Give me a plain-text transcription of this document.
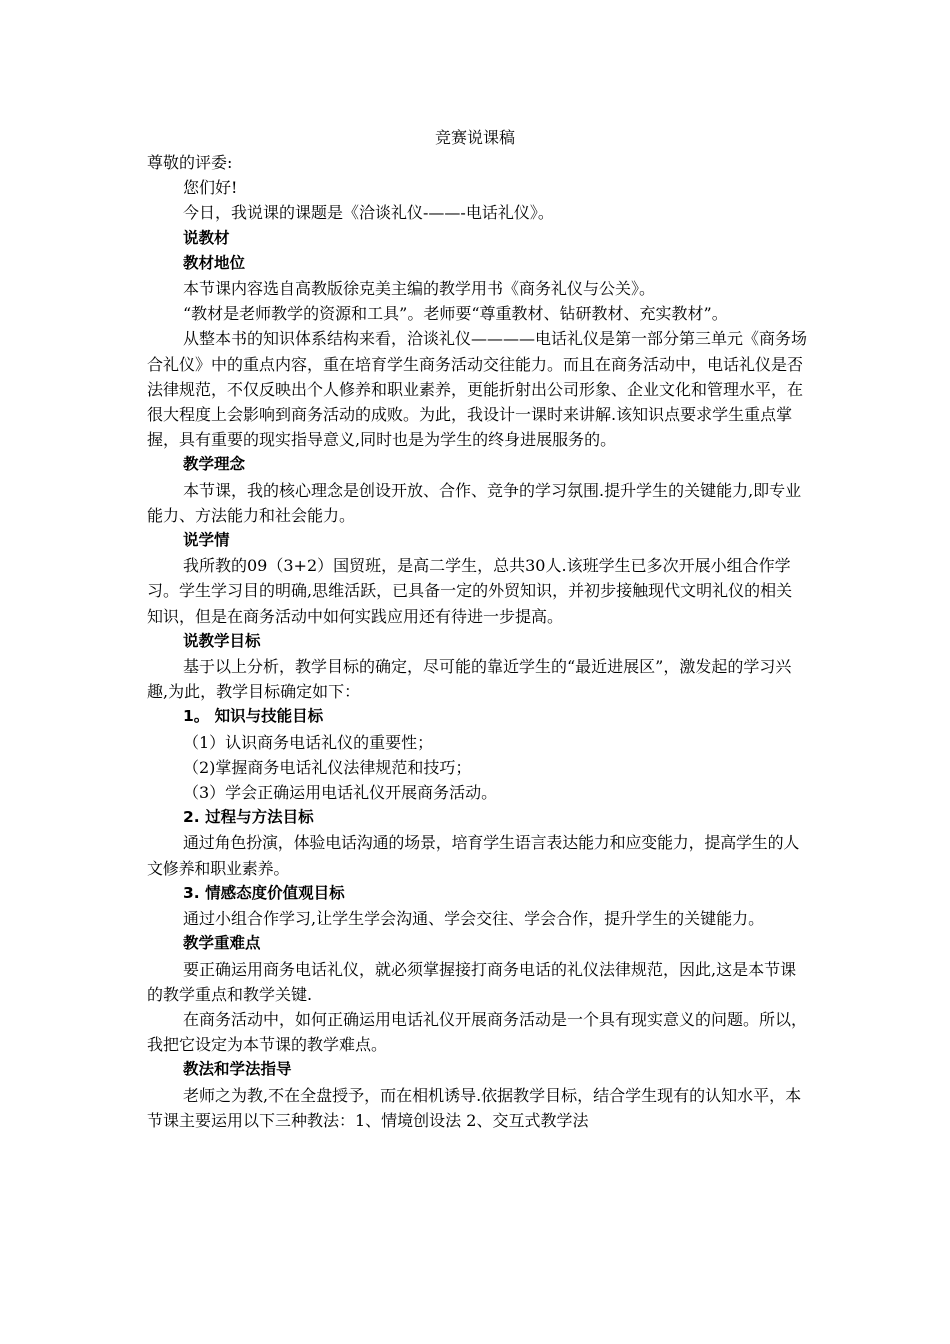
竞赛说课稿

尊敬的评委:

您们好!

今日，我说课的课题是《洽谈礼仪-——-电话礼仪》。

说教材

教材地位

本节课内容选自高教版徐克美主编的教学用书《商务礼仪与公关》。

“教材是老师教学的资源和工具”。老师要“尊重教材、钻研教材、充实教材”。

从整本书的知识体系结构来看，洽谈礼仪————电话礼仪是第一部分第三单元《商务场合礼仪》中的重点内容，重在培育学生商务活动交往能力。而且在商务活动中，电话礼仪是否法律规范，不仅反映出个人修养和职业素养，更能折射出公司形象、企业文化和管理水平，在很大程度上会影响到商务活动的成败。为此，我设计一课时来讲解.该知识点要求学生重点掌握，具有重要的现实指导意义,同时也是为学生的终身进展服务的。

教学理念

本节课，我的核心理念是创设开放、合作、竞争的学习氛围.提升学生的关键能力,即专业能力、方法能力和社会能力。

说学情

我所教的09（3+2）国贸班，是高二学生，总共30人.该班学生已多次开展小组合作学习。学生学习目的明确,思维活跃，已具备一定的外贸知识，并初步接触现代文明礼仪的相关知识，但是在商务活动中如何实践应用还有待进一步提高。

说教学目标

基于以上分析，教学目标的确定，尽可能的靠近学生的“最近进展区”，激发起的学习兴趣,为此，教学目标确定如下：

1。 知识与技能目标

（1）认识商务电话礼仪的重要性；

（2)掌握商务电话礼仪法律规范和技巧；

（3）学会正确运用电话礼仪开展商务活动。

2. 过程与方法目标

通过角色扮演，体验电话沟通的场景，培育学生语言表达能力和应变能力，提高学生的人文修养和职业素养。

3. 情感态度价值观目标

通过小组合作学习,让学生学会沟通、学会交往、学会合作，提升学生的关键能力。

教学重难点

要正确运用商务电话礼仪，就必须掌握接打商务电话的礼仪法律规范，因此,这是本节课的教学重点和教学关键.

在商务活动中，如何正确运用电话礼仪开展商务活动是一个具有现实意义的问题。所以，我把它设定为本节课的教学难点。

教法和学法指导

老师之为教,不在全盘授予，而在相机诱导.依据教学目标，结合学生现有的认知水平，本节课主要运用以下三种教法：1、情境创设法 2、交互式教学法
